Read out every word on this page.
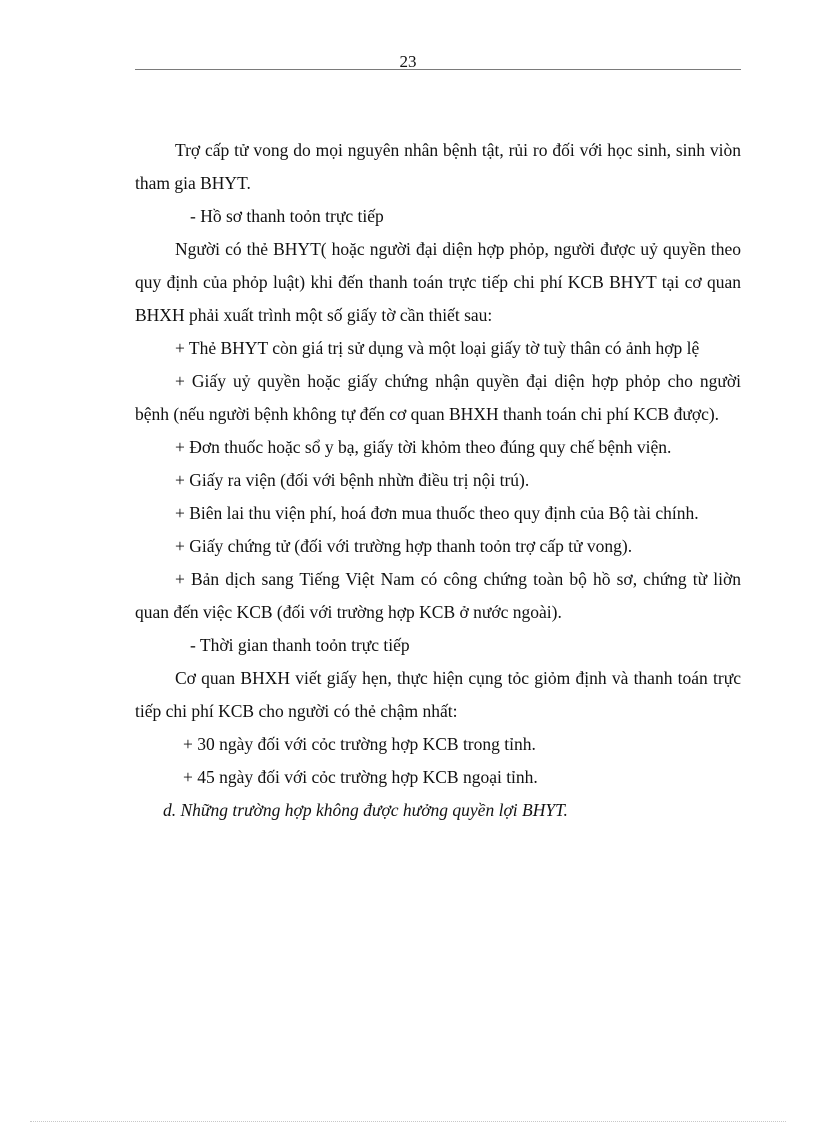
23

Trợ cấp tử vong do mọi nguyên nhân bệnh tật, rủi ro đối với học sinh, sinh viòn tham gia BHYT.

- Hồ sơ thanh toỏn trực tiếp

Người có thẻ BHYT( hoặc người đại diện hợp phỏp, người được uỷ quyền theo quy định của phỏp luật) khi đến thanh toán trực tiếp chi phí KCB BHYT tại cơ quan BHXH phải xuất trình một số giấy tờ cần thiết sau:

+ Thẻ BHYT còn giá trị sử dụng và một loại giấy tờ tuỳ thân có ảnh hợp lệ

+ Giấy uỷ quyền hoặc giấy chứng nhận quyền đại diện hợp phỏp cho người bệnh (nếu người bệnh không tự đến cơ quan BHXH thanh toán chi phí KCB được).

+ Đơn thuốc hoặc sổ y bạ, giấy tời khỏm theo đúng quy chế bệnh viện.

+ Giấy ra viện (đối với bệnh nhừn điều trị nội trú).

+ Biên lai thu viện phí, hoá đơn mua thuốc theo quy định của Bộ tài chính.

+ Giấy chứng tử (đối với trường hợp thanh toỏn trợ cấp tử vong).

+ Bản dịch sang Tiếng Việt Nam có công chứng toàn bộ hồ sơ, chứng từ liờn quan đến việc KCB (đối với trường hợp KCB ở nước ngoài).

- Thời gian thanh toỏn trực tiếp

Cơ quan BHXH viết giấy hẹn, thực hiện cụng tỏc giỏm định và thanh toán trực tiếp chi phí KCB cho người có thẻ chậm nhất:

+ 30 ngày đối với cỏc trường hợp KCB trong tỉnh.

+ 45 ngày đối với cỏc trường hợp KCB ngoại tỉnh.

d. Những trường hợp không được hưởng quyền lợi BHYT.
